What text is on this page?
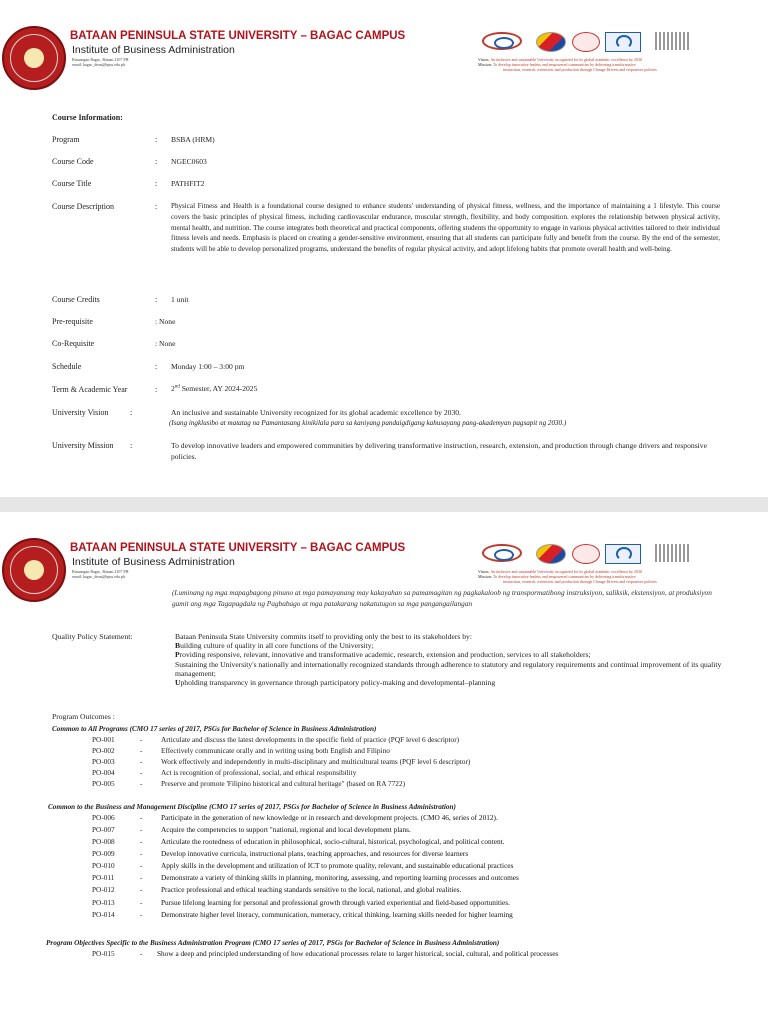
BATAAN PENINSULA STATE UNIVERSITY – BAGAC CAMPUS
Institute of Business Administration
Binuangan Bagac, Bataan 2107 PH
email: bagac_dean@bpsu.edu.ph
Vision: An inclusive and sustainable University recognized for its global academic excellence by 2030
Mission: To develop innovative leaders and empowered communities by delivering transformative
instruction, research, extension, and production through Change Drivers and responsive policies
Course Information:
Program	: BSBA (HRM)
Course Code	: NGEC0603
Course Title	: PATHFIT2
Course Description	: Physical Fitness and Health is a foundational course designed to enhance students' understanding of physical fitness, wellness, and the importance of maintaining a 1 lifestyle. This course covers the basic principles of physical fitness, including cardiovascular endurance, muscular strength, flexibility, and body composition. explores the relationship between physical activity, mental health, and nutrition. The course integrates both theoretical and practical components, offering students the opportunity to engage in various physical activities tailored to their individual fitness levels and needs. Emphasis is placed on creating a gender-sensitive environment, ensuring that all students can participate fully and benefit from the course. By the end of the semester, students will be able to develop personalized programs, understand the benefits of regular physical activity, and adopt lifelong habits that promote overall health and well-being.
Course Credits	: 1 unit
Pre-requisite	: None
Co-Requisite	: None
Schedule	: Monday 1:00 – 3:00 pm
Term & Academic Year	: 2nd Semester, AY 2024-2025
University Vision	:	An inclusive and sustainable University recognized for its global academic excellence by 2030.
(Isang ingklusibo at matatag na Pamantasang kinikilala para sa kaniyang pandaigdigang kahusayang pang-akademyan pagsapit ng 2030.)
University Mission :	To develop innovative leaders and empowered communities by delivering transformative instruction, research, extension, and production through change drivers and responsive policies.
BATAAN PENINSULA STATE UNIVERSITY – BAGAC CAMPUS
Institute of Business Administration
Binuangan Bagac, Bataan 2107 PH
email: bagac_dean@bpsu.edu.ph
Vision: An inclusive and sustainable University recognized for its global academic excellence by 2030
Mission: To develop innovative leaders and empowered communities by delivering transformative
instruction, research, extension, and production through Change Drivers and responsive policies
(Luminang ng mga mapagbagong pinuno at mga pamayanang may kakayahan sa pamamagitan ng pagkakaloob ng transpormatibong instruksiyon, saliksik, ekstensiyon, at produksiyon gamit ang mga Tagapagdala ng Pagbabago at mga patakarang nakatutugon sa mga pangangailangan
Quality Policy Statement:	Bataan Peninsula State University commits itself to providing only the best to its stakeholders by:
Building culture of quality in all core functions of the University;
Providing responsive, relevant, innovative and transformative academic, research, extension and production, services to all stakeholders;
Sustaining the University's nationally and internationally recognized standards through adherence to statutory and regulatory requirements and continual improvement of its quality management;
Upholding transparency in governance through participatory policy-making and developmental–planning
Program Outcomes :
Common to All Programs (CMO 17 series of 2017, PSGs for Bachelor of Science in Business Administration)
PO-001	-	Articulate and discuss the latest developments in the specific field of practice (PQF level 6 descriptor)
PO-002	-	Effectively communicate orally and in writing using both English and Filipino
PO-003	-	Work effectively and independently in multi-disciplinary and multicultural teams (PQF level 6 descriptor)
PO-004	-	Act is recognition of professional, social, and ethical responsibility
PO-005	-	Preserve and promote 'Filipino historical and cultural heritage" (based on RA 7722)
Common to the Business and Management Discipline (CMO 17 series of 2017, PSGs for Bachelor of Science in Business Administration)
PO-006	-	Participate in the generation of new knowledge or in research and development projects. (CMO 46, series of 2012).
PO-007	-	Acquire the competencies to support "national, regional and local development plans.
PO-008	-	Articulate the rootedness of education in philosophical, socio-cultural, historical, psychological, and political content.
PO-009	-	Develop innovative curricula, instructional plans, teaching approaches, and resources for diverse learners
PO-010	-	Apply skills in the development and utilization of ICT to promote quality, relevant, and sustainable educational practices
PO-011	-	Demonstrate a variety of thinking skills in planning, monitoring, assessing, and reporting learning processes and outcomes
PO-012	-	Practice professional and ethical teaching standards sensitive to the local, national, and global realities.
PO-013	-	Pursue lifelong learning for personal and professional growth through varied experiential and field-based opportunities.
PO-014	-	Demonstrate higher level literacy, communication, numeracy, critical thinking, learning skills needed for higher learning
Program Objectives Specific to the Business Administration Program (CMO 17 series of 2017, PSGs for Bachelor of Science in Business Administration)
PO-015	- Show a deep and principled understanding of how educational processes relate to larger historical, social, cultural, and political processes
